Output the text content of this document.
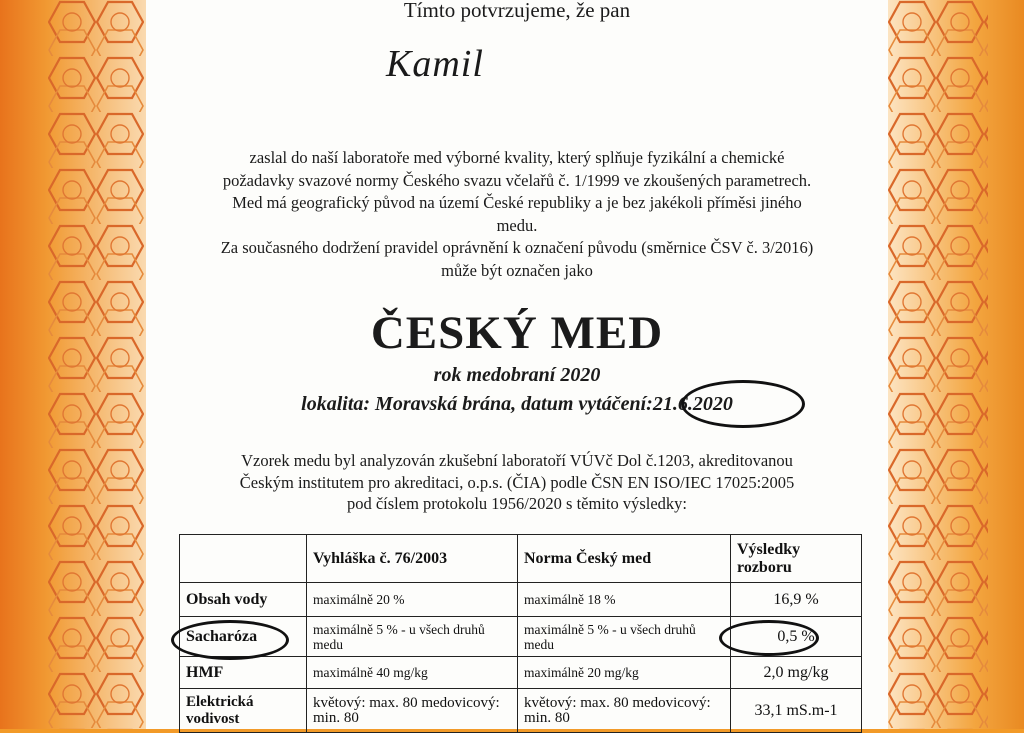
Tímto potvrzujeme, že pan
Kamil
zaslal do naší laboratoře med výborné kvality, který splňuje fyzikální a chemické
požadavky svazové normy Českého svazu včelařů č. 1/1999 ve zkoušených parametrech.
Med má geografický původ na území České republiky a je bez jakékoli příměsi jiného
medu.
Za současného dodržení pravidel oprávnění k označení původu (směrnice ČSV č. 3/2016)
může být označen jako
ČESKÝ MED
rok medobraní 2020
lokalita: Moravská brána, datum vytáčení:21.6.2020
Vzorek medu byl analyzován zkušební laboratoří VÚVč Dol č.1203, akreditovanou
Českým institutem pro akreditaci, o.p.s. (ČIA) podle ČSN EN ISO/IEC 17025:2005
pod číslem protokolu 1956/2020 s těmito výsledky:
	Vyhláška č. 76/2003	Norma Český med	Výsledky rozboru
Obsah vody	maximálně 20 %	maximálně 18 %	16,9 %
Sacharóza	maximálně 5 % - u všech druhů medu	maximálně 5 % - u všech druhů medu	0,5 %
HMF	maximálně 40 mg/kg	maximálně 20 mg/kg	2,0 mg/kg
Elektrická vodivost	květový: max. 80 medovicový: min. 80	květový: max. 80 medovicový: min. 80	33,1 mS.m-1
